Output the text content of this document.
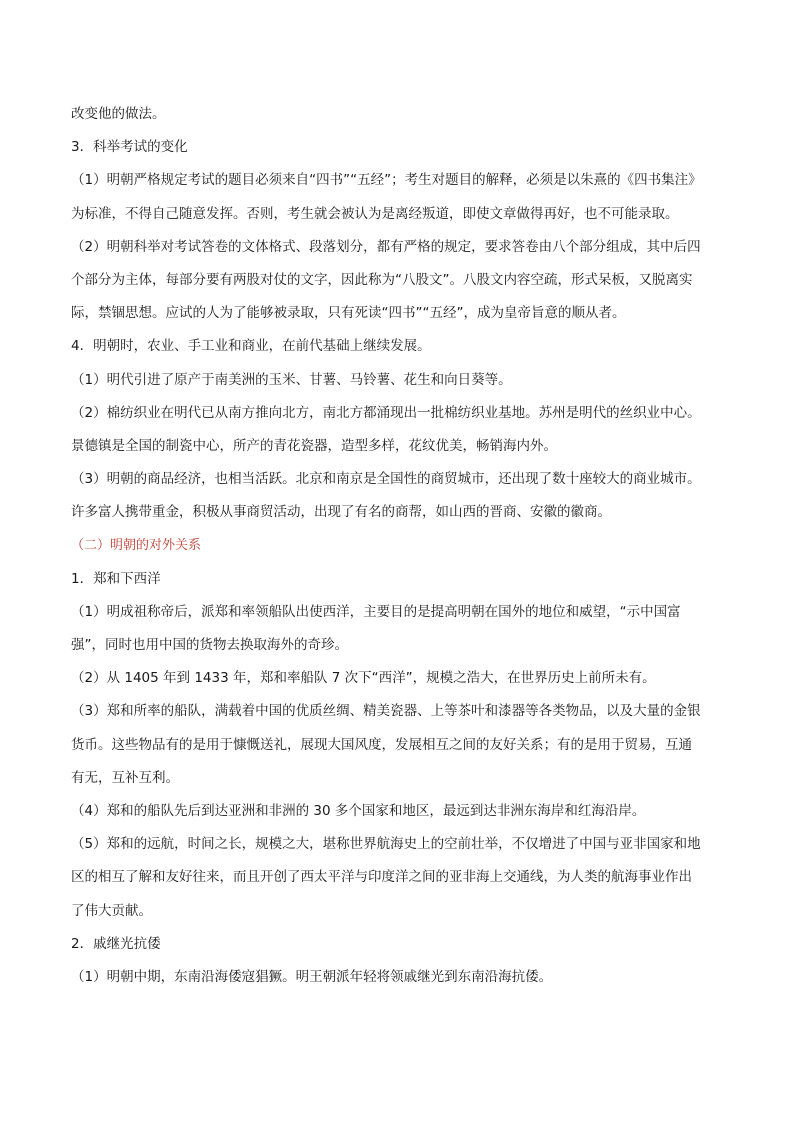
改变他的做法。
3．科举考试的变化
（1）明朝严格规定考试的题目必须来自“四书”“五经”；考生对题目的解释，必须是以朱熹的《四书集注》
为标准，不得自己随意发挥。否则，考生就会被认为是离经叛道，即使文章做得再好，也不可能录取。
（2）明朝科举对考试答卷的文体格式、段落划分，都有严格的规定，要求答卷由八个部分组成，其中后四
个部分为主体，每部分要有两股对仗的文字，因此称为“八股文”。八股文内容空疏，形式呆板，又脱离实
际，禁锢思想。应试的人为了能够被录取，只有死读“四书”“五经”，成为皇帝旨意的顺从者。
4．明朝时，农业、手工业和商业，在前代基础上继续发展。
（1）明代引进了原产于南美洲的玉米、甘薯、马铃薯、花生和向日葵等。
（2）棉纺织业在明代已从南方推向北方，南北方都涌现出一批棉纺织业基地。苏州是明代的丝织业中心。
景德镇是全国的制瓷中心，所产的青花瓷器，造型多样，花纹优美，畅销海内外。
（3）明朝的商品经济，也相当活跃。北京和南京是全国性的商贸城市，还出现了数十座较大的商业城市。
许多富人携带重金，积极从事商贸活动，出现了有名的商帮，如山西的晋商、安徽的徽商。
（二）明朝的对外关系
1．郑和下西洋
（1）明成祖称帝后，派郑和率领船队出使西洋，主要目的是提高明朝在国外的地位和威望，“示中国富
强”，同时也用中国的货物去换取海外的奇珍。
（2）从 1405 年到 1433 年，郑和率船队 7 次下“西洋”，规模之浩大，在世界历史上前所未有。
（3）郑和所率的船队，满载着中国的优质丝绸、精美瓷器、上等茶叶和漆器等各类物品，以及大量的金银
货币。这些物品有的是用于慷慨送礼，展现大国风度，发展相互之间的友好关系；有的是用于贸易，互通
有无，互补互利。
（4）郑和的船队先后到达亚洲和非洲的 30 多个国家和地区，最远到达非洲东海岸和红海沿岸。
（5）郑和的远航，时间之长，规模之大，堪称世界航海史上的空前壮举，不仅增进了中国与亚非国家和地
区的相互了解和友好往来，而且开创了西太平洋与印度洋之间的亚非海上交通线，为人类的航海事业作出
了伟大贡献。
2．戚继光抗倭
（1）明朝中期，东南沿海倭寇猖獗。明王朝派年轻将领戚继光到东南沿海抗倭。
